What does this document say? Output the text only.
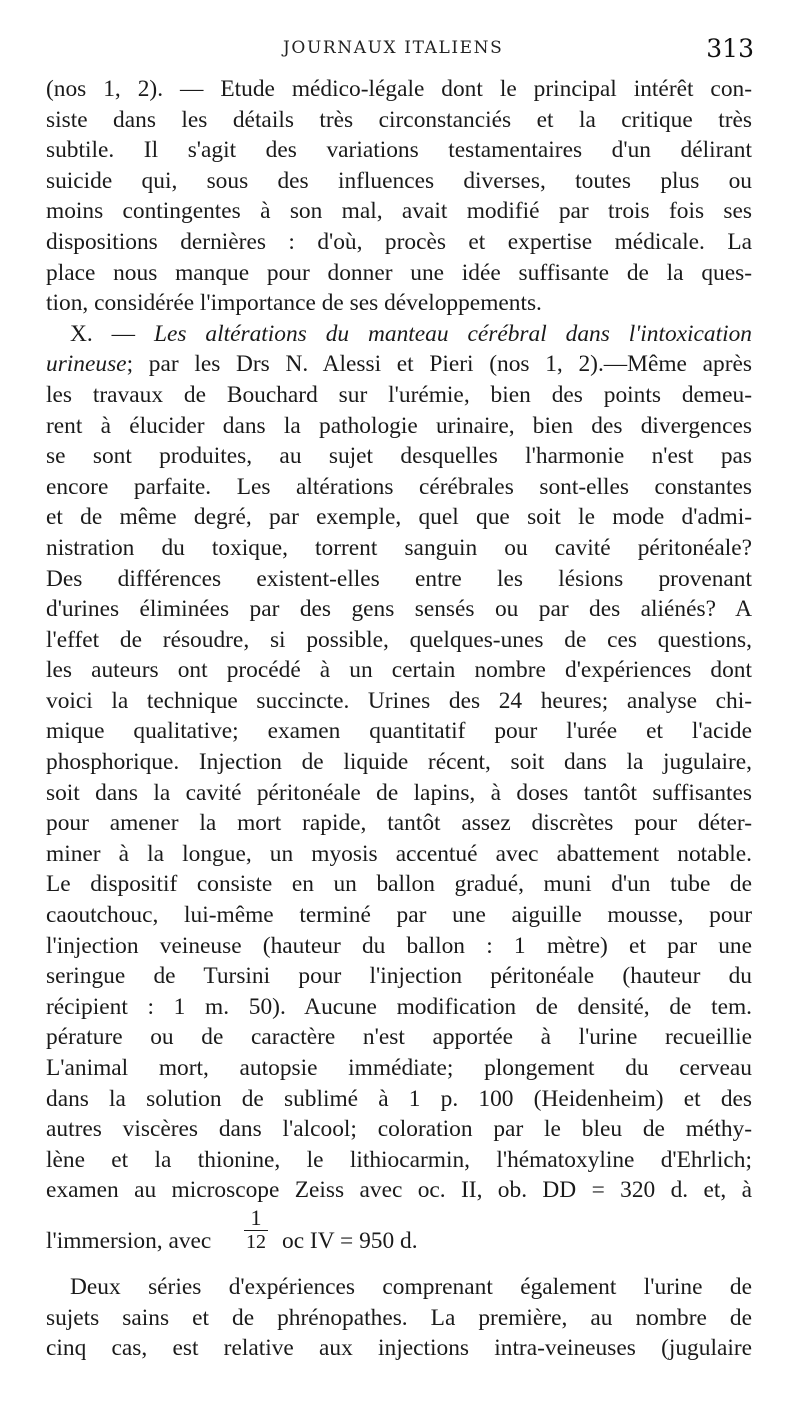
JOURNAUX ITALIENS	313
(nos 1, 2). — Etude médico-légale dont le principal intérêt con-
siste dans les détails très circonstanciés et la critique très
subtile. Il s'agit des variations testamentaires d'un délirant
suicide qui, sous des influences diverses, toutes plus ou
moins contingentes à son mal, avait modifié par trois fois ses
dispositions dernières : d'où, procès et expertise médicale. La
place nous manque pour donner une idée suffisante de la ques-
tion, considérée l'importance de ses développements.
X. — Les altérations du manteau cérébral dans l'intoxication
urineuse; par les Drs N. Alessi et Pieri (nos 1, 2).—Même après
les travaux de Bouchard sur l'urémie, bien des points demeu-
rent à élucider dans la pathologie urinaire, bien des divergences
se sont produites, au sujet desquelles l'harmonie n'est pas
encore parfaite. Les altérations cérébrales sont-elles constantes
et de même degré, par exemple, quel que soit le mode d'admi-
nistration du toxique, torrent sanguin ou cavité péritonéale?
Des différences existent-elles entre les lésions provenant
d'urines éliminées par des gens sensés ou par des aliénés? A
l'effet de résoudre, si possible, quelques-unes de ces questions,
les auteurs ont procédé à un certain nombre d'expériences dont
voici la technique succincte. Urines des 24 heures; analyse chi-
mique qualitative; examen quantitatif pour l'urée et l'acide
phosphorique. Injection de liquide récent, soit dans la jugulaire,
soit dans la cavité péritonéale de lapins, à doses tantôt suffisantes
pour amener la mort rapide, tantôt assez discrètes pour déter-
miner à la longue, un myosis accentué avec abattement notable.
Le dispositif consiste en un ballon gradué, muni d'un tube de
caoutchouc, lui-même terminé par une aiguille mousse, pour
l'injection veineuse (hauteur du ballon : 1 mètre) et par une
seringue de Tursini pour l'injection péritonéale (hauteur du
récipient : 1 m. 50). Aucune modification de densité, de tem.
pérature ou de caractère n'est apportée à l'urine recueillie
L'animal mort, autopsie immédiate; plongement du cerveau
dans la solution de sublimé à 1 p. 100 (Heidenheim) et des
autres viscères dans l'alcool; coloration par le bleu de méthy-
lène et la thionine, le lithiocarmin, l'hématoxyline d'Ehrlich;
examen au microscope Zeiss avec oc. II, ob. DD = 320 d. et, à
l'immersion, avec $\frac{1}{12}$ oc IV = 950 d.
Deux séries d'expériences comprenant également l'urine de
sujets sains et de phrénopathes. La première, au nombre de
cinq cas, est relative aux injections intra-veineuses (jugulaire
